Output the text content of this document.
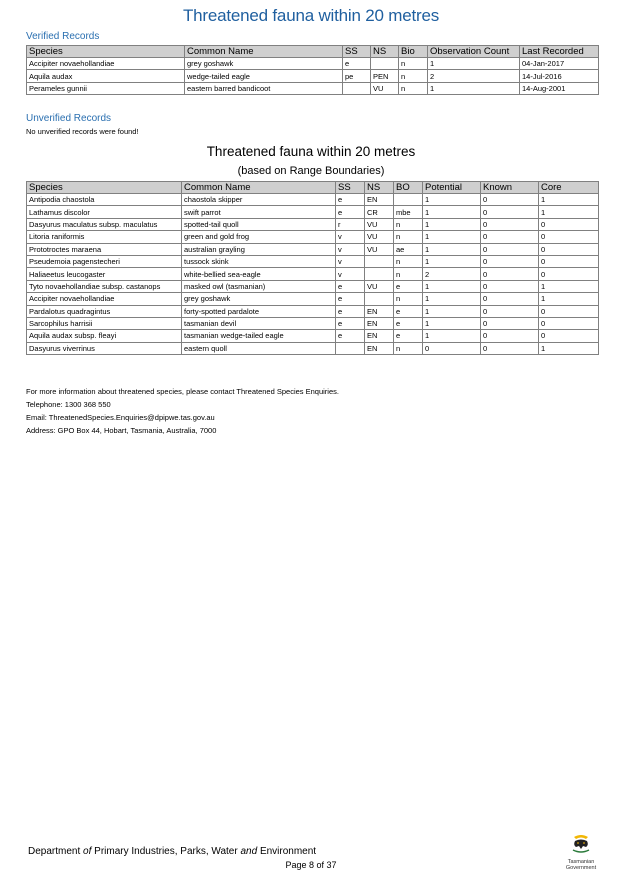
Threatened fauna within 20 metres
Verified Records
Species	Common Name	SS	NS	Bio	Observation Count	Last Recorded
Accipiter novaehollandiae	grey goshawk	e		n	1	04-Jan-2017
Aquila audax	wedge-tailed eagle	pe	PEN	n	2	14-Jul-2016
Perameles gunnii	eastern barred bandicoot		VU	n	1	14-Aug-2001
Unverified Records
No unverified records were found!
Threatened fauna within 20 metres
(based on Range Boundaries)
Species	Common Name	SS	NS	BO	Potential	Known	Core
Antipodia chaostola	chaostola skipper	e	EN		1	0	1
Lathamus discolor	swift parrot	e	CR	mbe	1	0	1
Dasyurus maculatus subsp. maculatus	spotted-tail quoll	r	VU	n	1	0	0
Litoria raniformis	green and gold frog	v	VU	n	1	0	0
Prototroctes maraena	australian grayling	v	VU	ae	1	0	0
Pseudemoia pagenstecheri	tussock skink	v		n	1	0	0
Haliaeetus leucogaster	white-bellied sea-eagle	v		n	2	0	0
Tyto novaehollandiae subsp. castanops	masked owl (tasmanian)	e	VU	e	1	0	1
Accipiter novaehollandiae	grey goshawk	e		n	1	0	1
Pardalotus quadragintus	forty-spotted pardalote	e	EN	e	1	0	0
Sarcophilus harrisii	tasmanian devil	e	EN	e	1	0	0
Aquila audax subsp. fleayi	tasmanian wedge-tailed eagle	e	EN	e	1	0	0
Dasyurus viverrinus	eastern quoll		EN	n	0	0	1
For more information about threatened species, please contact Threatened Species Enquiries.
Telephone: 1300 368 550
Email: ThreatenedSpecies.Enquiries@dpipwe.tas.gov.au
Address: GPO Box 44, Hobart, Tasmania, Australia, 7000
Department of Primary Industries, Parks, Water and Environment
Page 8 of 37	Tasmanian
Government
